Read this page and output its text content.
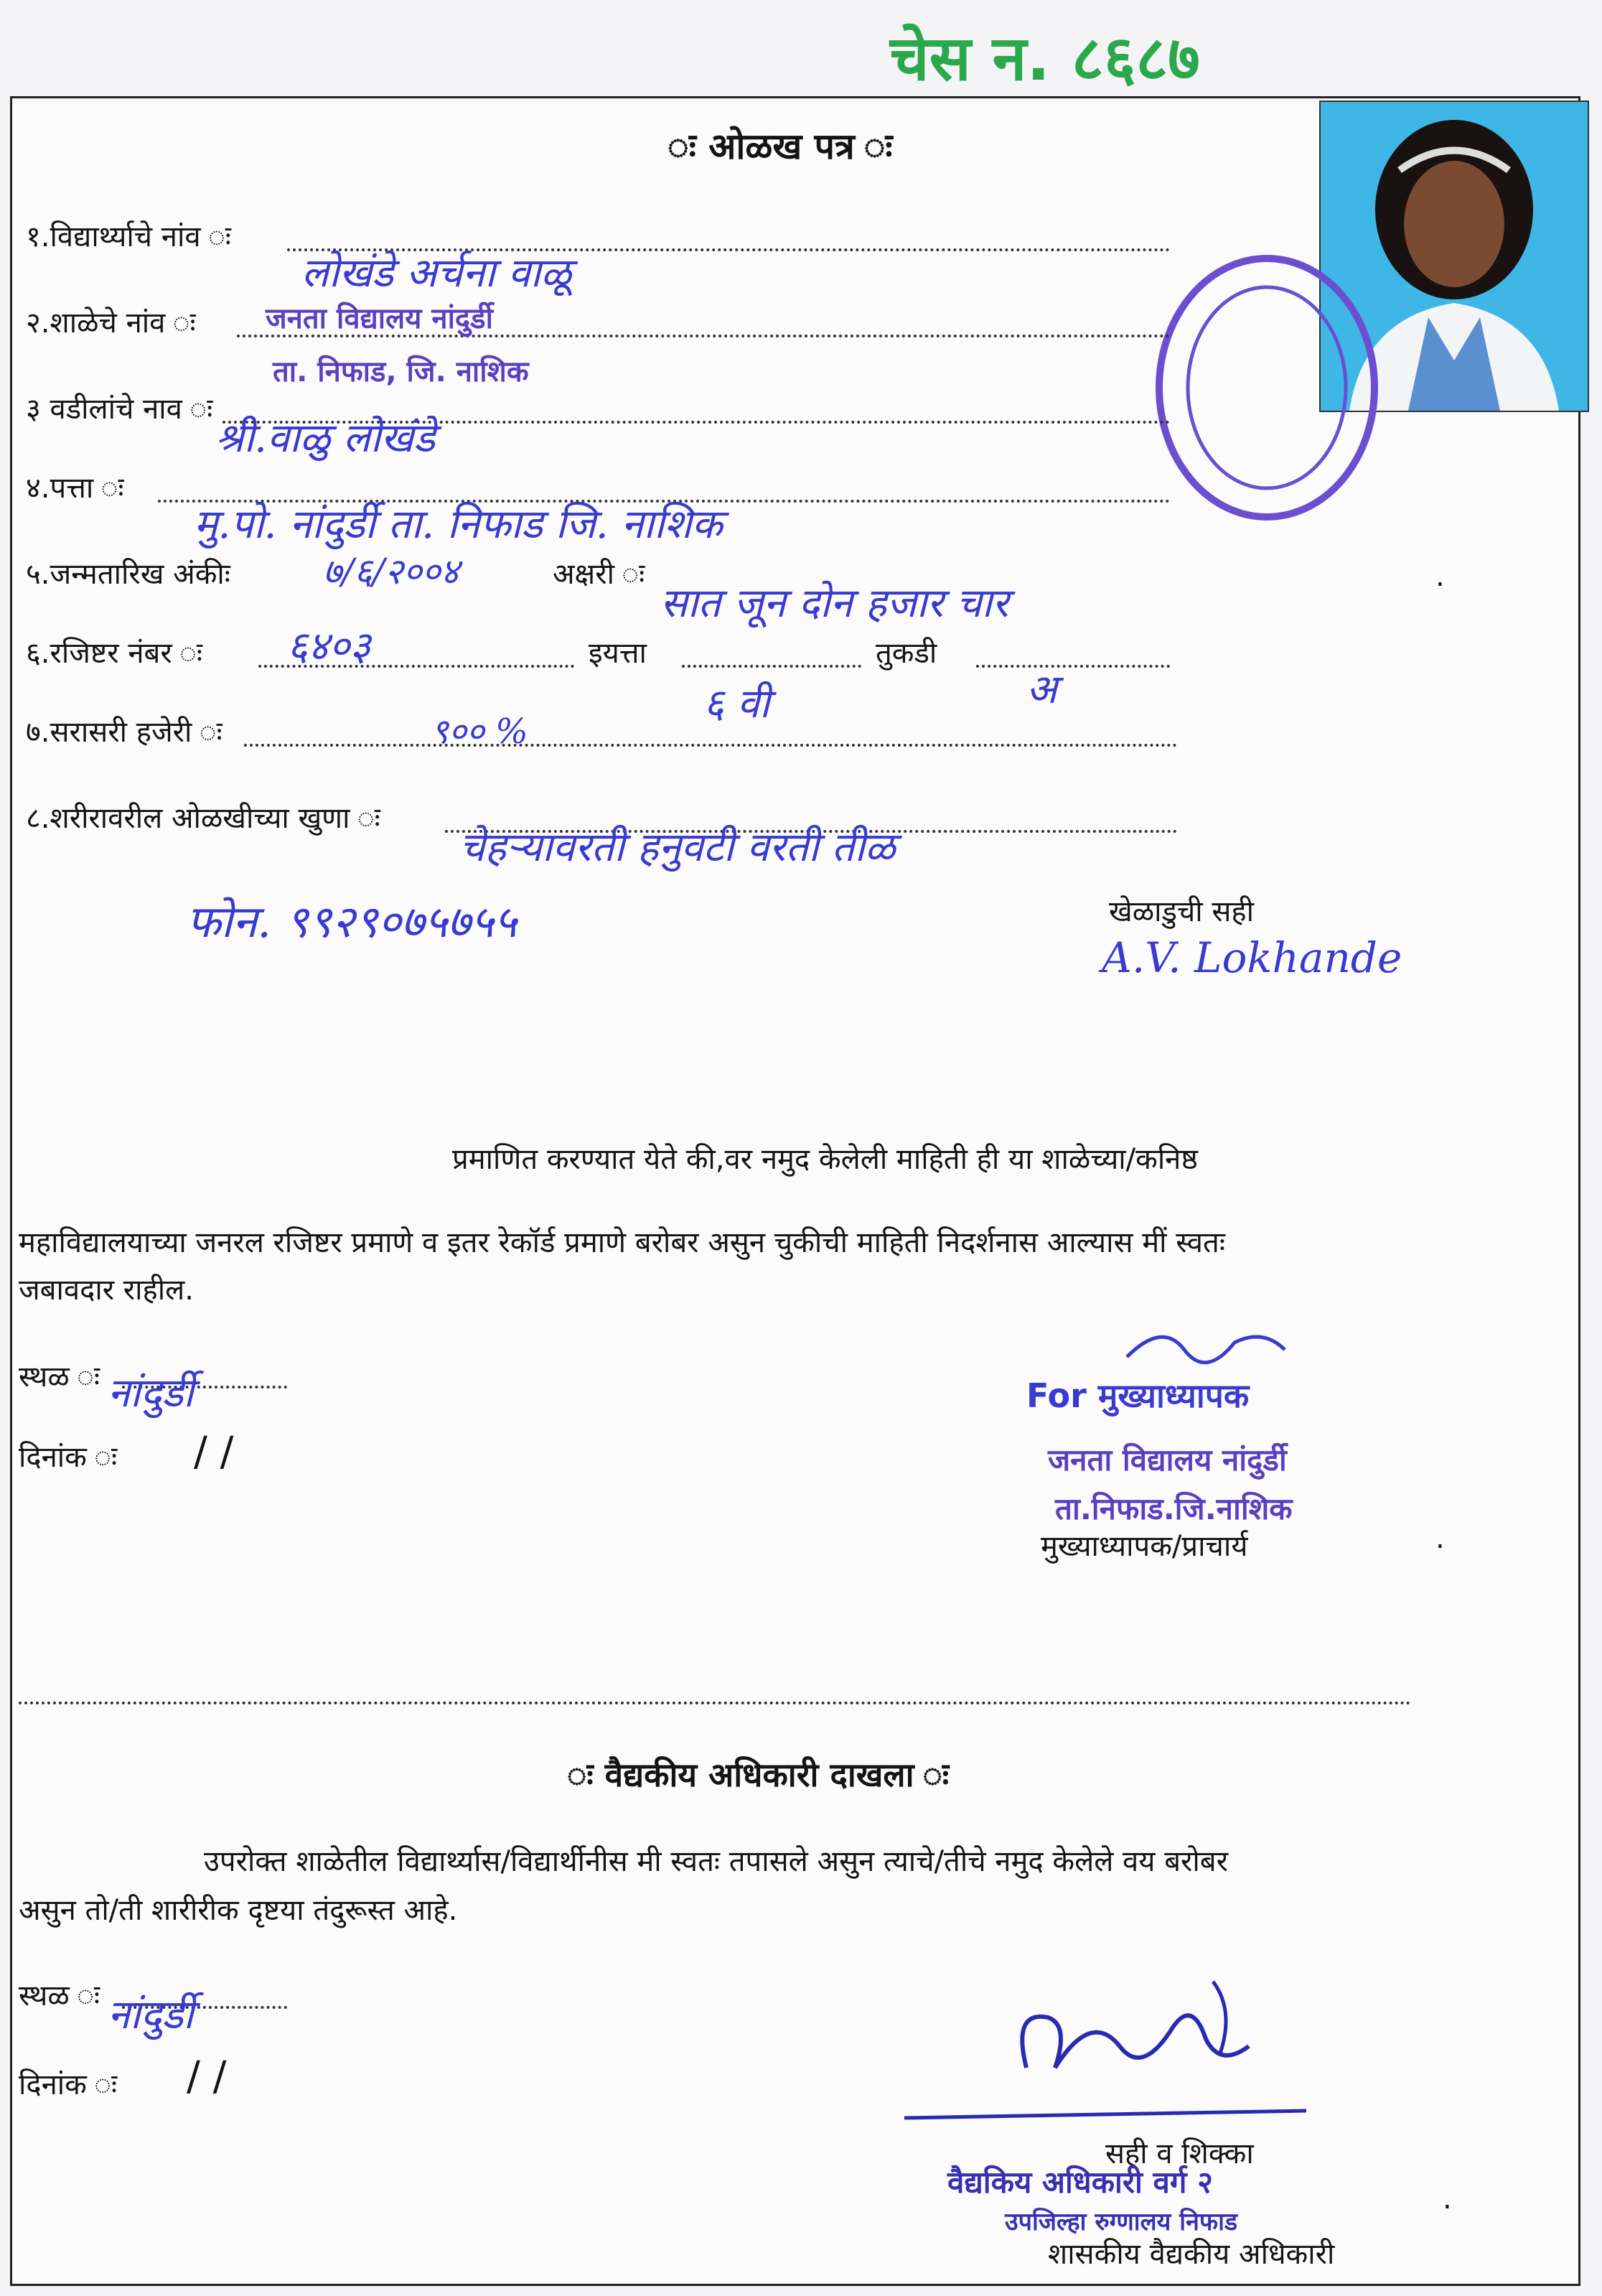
चेस न. ८६८७
ः ओळख पत्र ः
१.विद्यार्थ्याचे नांव ः
लोखंडे अर्चना वाळू
२.शाळेचे नांव ः जनता विद्यालय नांदुर्डी
ता. निफाड, जि. नाशिक
३ वडीलांचे नाव ः
श्री.वाळु लोखंडे
४.पत्ता ः
मु.पो. नांदुर्डी ता. निफाड जि. नाशिक
५.जन्मतारिख अंकीः	७/६/२००४	अक्षरी ः
सात जून दोन हजार चार
.
६.रजिष्टर नंबर ः ६४०३	इयत्ता
६ वी
तुकडी
अ
७.सरासरी हजेरी ः	९०० %
८.शरीरावरील ओळखीच्या खुणा ः
चेहऱ्यावरती हनुवटी वरती तीळ
फोन. ९९२९०७५७५५	खेळाडुची सही
A.V. Lokhande
प्रमाणित करण्यात येते की,वर नमुद केलेली माहिती ही या शाळेच्या/कनिष्ठ
महाविद्यालयाच्या जनरल रजिष्टर प्रमाणे व इतर रेकॉर्ड प्रमाणे बरोबर असुन चुकीची माहिती निदर्शनास आल्यास मीं स्वतः
जबावदार राहील.
स्थळ ः नांदुर्डी
दिनांक ः / /
For मुख्याध्यापक
जनता विद्यालय नांदुर्डी
ता.निफाड.जि.नाशिक
मुख्याध्यापक/प्राचार्य	.
ः वैद्यकीय अधिकारी दाखला ः
उपरोक्त शाळेतील विद्यार्थ्यास/विद्यार्थीनीस मी स्वतः तपासले असुन त्याचे/तीचे नमुद केलेले वय बरोबर
असुन तो/ती शारीरीक दृष्टया तंदुरूस्त आहे.
स्थळ ः नांदुर्डी
दिनांक ः / /
सही व शिक्का
वैद्यकिय अधिकारी वर्ग २
उपजिल्हा रुग्णालय निफाड
शासकीय वैद्यकीय अधिकारी
.
